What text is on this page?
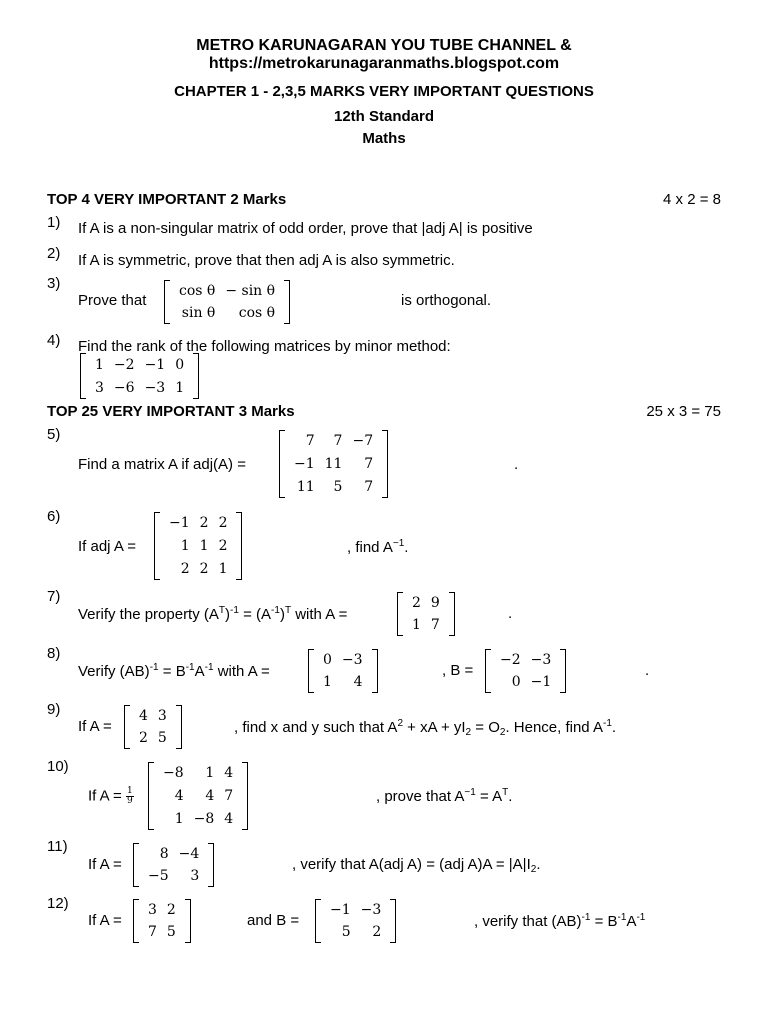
METRO KARUNAGARAN YOU TUBE CHANNEL &
https://metrokarunagaranmaths.blogspot.com
CHAPTER 1 - 2,3,5 MARKS VERY IMPORTANT QUESTIONS
12th Standard
Maths
TOP 4 VERY IMPORTANT 2 Marks	4 x 2 = 8
1) If A is a non-singular matrix of odd order, prove that |adj A| is positive
2) If A is symmetric, prove that then adj A is also symmetric.
3)
Prove that
cos θ − sin θ
sin θ	cos θ
is orthogonal.
4) Find the rank of the following matrices by minor method:
1 −2 −1 0
3 −6 −3 1
TOP 25 VERY IMPORTANT 3 Marks	25 x 3 = 75
5)
Find a matrix A if adj(A) =
7	7 −7
−1 11	7
11	5	7
.
6)
If adj A =
−1 2 2
1 1 2
2 2 1
, find $A^{-1}$.
7)
Verify the property $(A^T)^{-1} = (A^{-1})^T$ with A =
2 9
1 7
.
8)
Verify $(AB)^{-1} = B^{-1}A^{-1}$ with A =
0 −3
1	4
, B =
−2 −3
0 −1
.
9)
If A =
4 3
2 5
, find x and y such that $A^2$ + xA + $yI_2 = O_2$. Hence, find $A^{-1}$.
10)
If $A = \frac{1}{9}$
−8	1 4
4	4 7
1 −8 4
, prove that $A^{-1} = A^T$.
11)
If A =
8 −4
−5	3
, verify that A(adj A) = (adj $A)A = |A|I_2$.
12)
If A =
3 2
7 5
and B =
−1 −3
5	2
, verify that $(AB)^{-1} = B^{-1}A^{-1}$
